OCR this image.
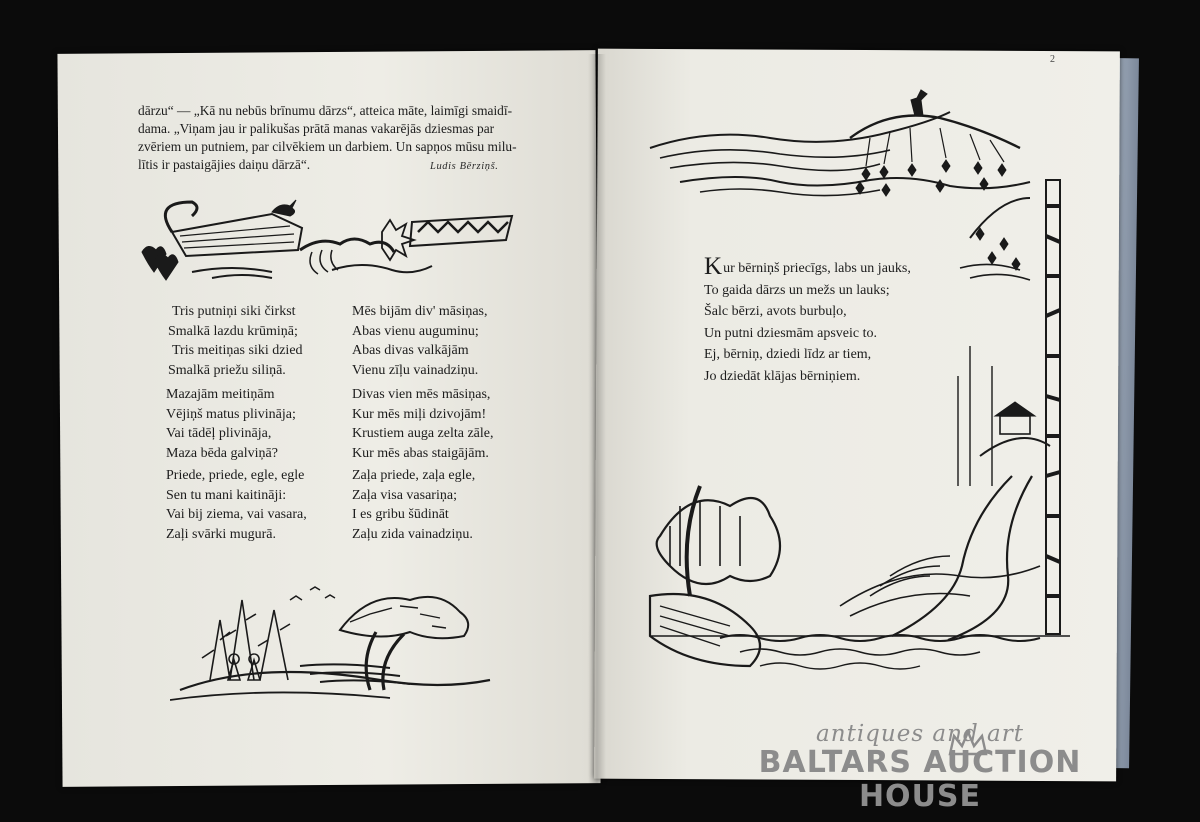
dārzu“ — „Kā nu nebūs brīnumu dārzs“, atteica māte, laimīgi smaidī-

dama. „Viņam jau ir palikušas prātā manas vakarējās dziesmas par

zvēriem un putniem, par cilvēkiem un darbiem. Un sapņos mūsu milu-

lītis ir pastaigājies daiņu dārzā“.	Ludis Bērziņš.
Tris putniņi siki čirkst
Smalkā lazdu krūmiņā;
Tris meitiņas siki dzied
Smalkā priežu siliņā.
Mazajām meitiņām
Vējiņš matus plivināja;
Vai tādēļ plivināja,
Maza bēda galviņā?
Priede, priede, egle, egle
Sen tu mani kaitināji:
Vai bij ziema, vai vasara,
Zaļi svārki mugurā.
Mēs bijām div' māsiņas,
Abas vienu auguminu;
Abas divas valkājām
Vienu zīļu vainadziņu.
Divas vien mēs māsiņas,
Kur mēs miļi dzivojām!
Krustiem auga zelta zāle,
Kur mēs abas staigājām.
Zaļa priede, zaļa egle,
Zaļa visa vasariņa;
I es gribu šūdināt
Zaļu zida vainadziņu.
2
Kur bērniņš priecīgs, labs un jauks,
To gaida dārzs un mežs un lauks;
Šalc bērzi, avots burbuļo,
Un putni dziesmām apsveic to.
Ej, bērniņ, dziedi līdz ar tiem,
Jo dziedāt klājas bērniņiem.
antiques and art
BALTARS AUCTION HOUSE
